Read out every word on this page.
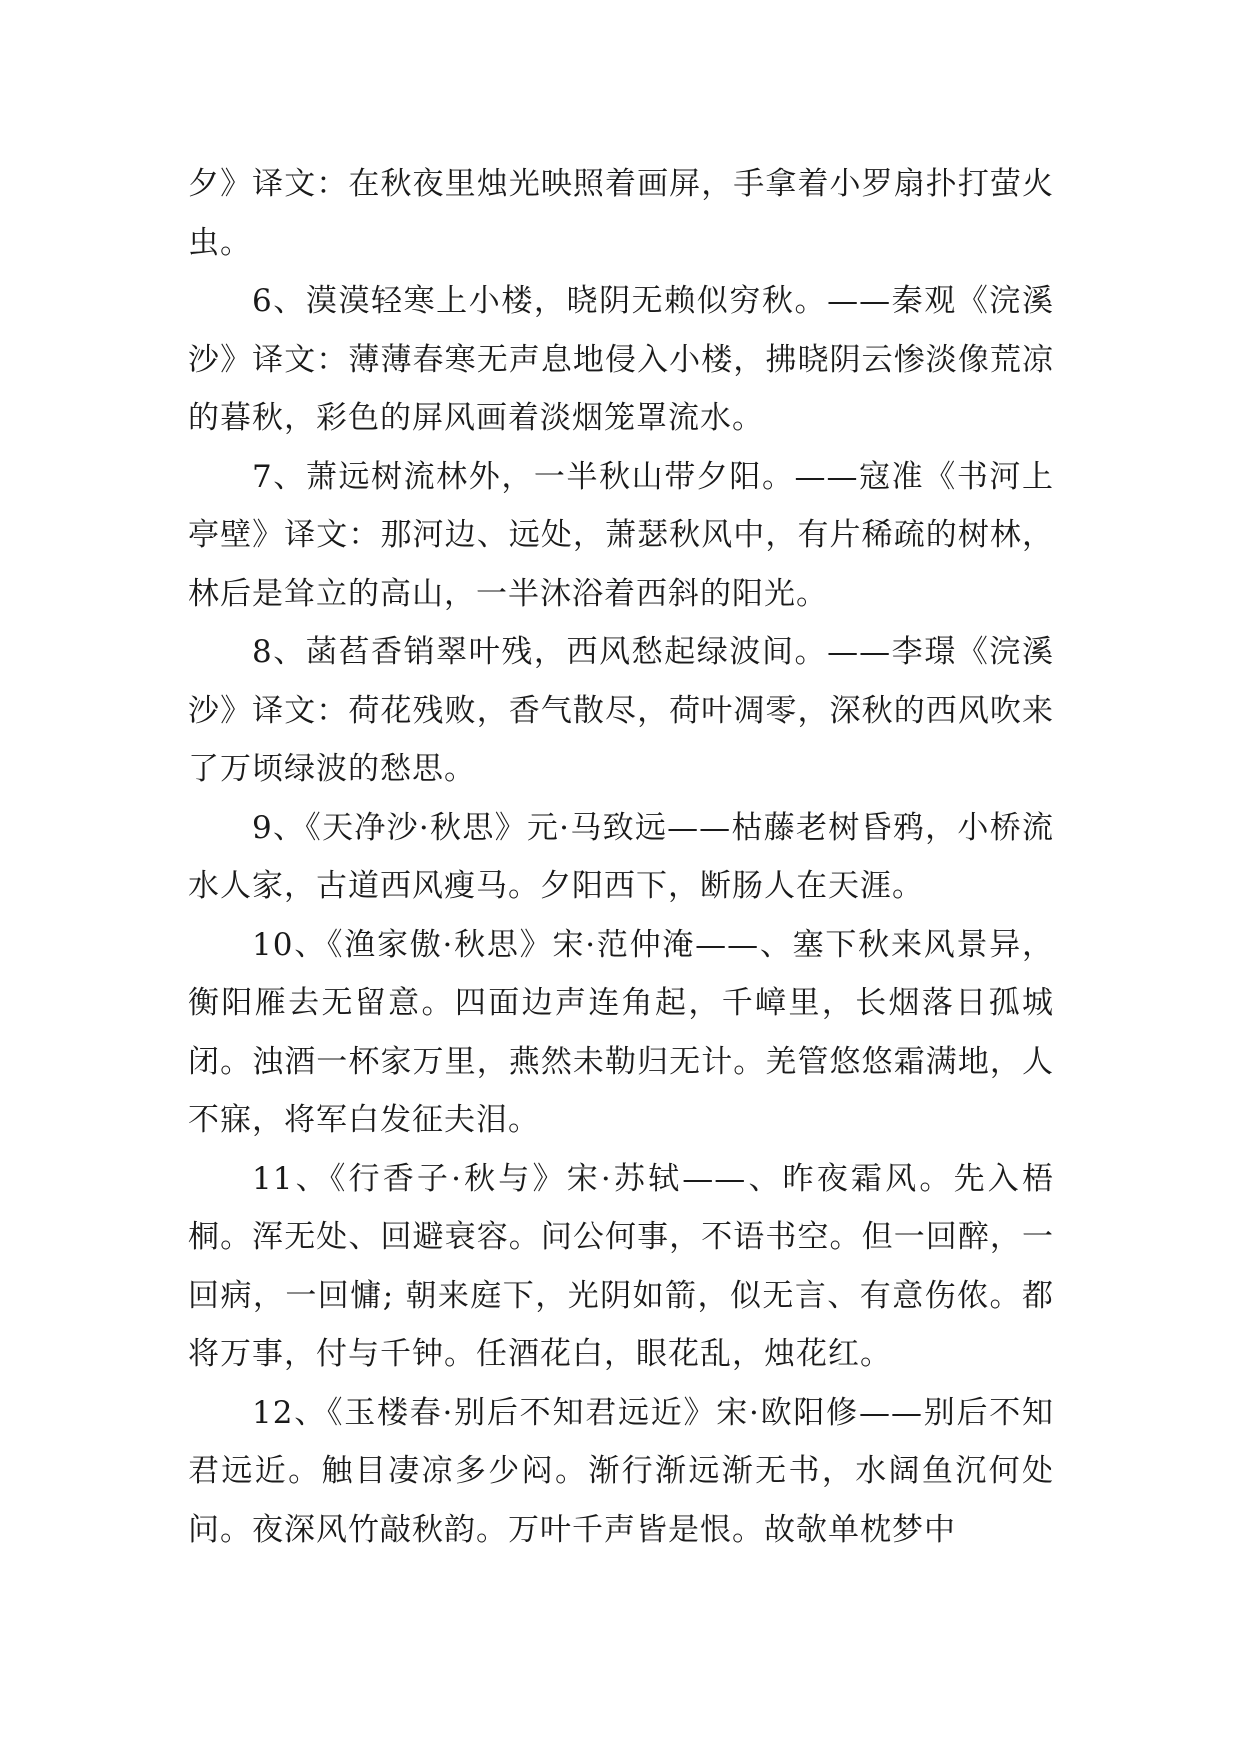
夕》译文：在秋夜里烛光映照着画屏，手拿着小罗扇扑打萤火虫。

6、漠漠轻寒上小楼，晓阴无赖似穷秋。——秦观《浣溪沙》译文：薄薄春寒无声息地侵入小楼，拂晓阴云惨淡像荒凉的暮秋，彩色的屏风画着淡烟笼罩流水。

7、萧远树流林外，一半秋山带夕阳。——寇准《书河上亭壁》译文：那河边、远处，萧瑟秋风中，有片稀疏的树林，林后是耸立的高山，一半沐浴着西斜的阳光。

8、菡萏香销翠叶残，西风愁起绿波间。——李璟《浣溪沙》译文：荷花残败，香气散尽，荷叶凋零，深秋的西风吹来了万顷绿波的愁思。

9、《天净沙·秋思》元·马致远——枯藤老树昏鸦，小桥流水人家，古道西风瘦马。夕阳西下，断肠人在天涯。

10、《渔家傲·秋思》宋·范仲淹——、塞下秋来风景异，衡阳雁去无留意。四面边声连角起，千嶂里，长烟落日孤城闭。浊酒一杯家万里，燕然未勒归无计。羌管悠悠霜满地，人不寐，将军白发征夫泪。

11、《行香子·秋与》宋·苏轼——、昨夜霜风。先入梧桐。浑无处、回避衰容。问公何事，不语书空。但一回醉，一回病，一回慵; 朝来庭下，光阴如箭，似无言、有意伤侬。都将万事，付与千钟。任酒花白，眼花乱，烛花红。

12、《玉楼春·别后不知君远近》宋·欧阳修——别后不知君远近。触目凄凉多少闷。渐行渐远渐无书，水阔鱼沉何处问。夜深风竹敲秋韵。万叶千声皆是恨。故欹单枕梦中
